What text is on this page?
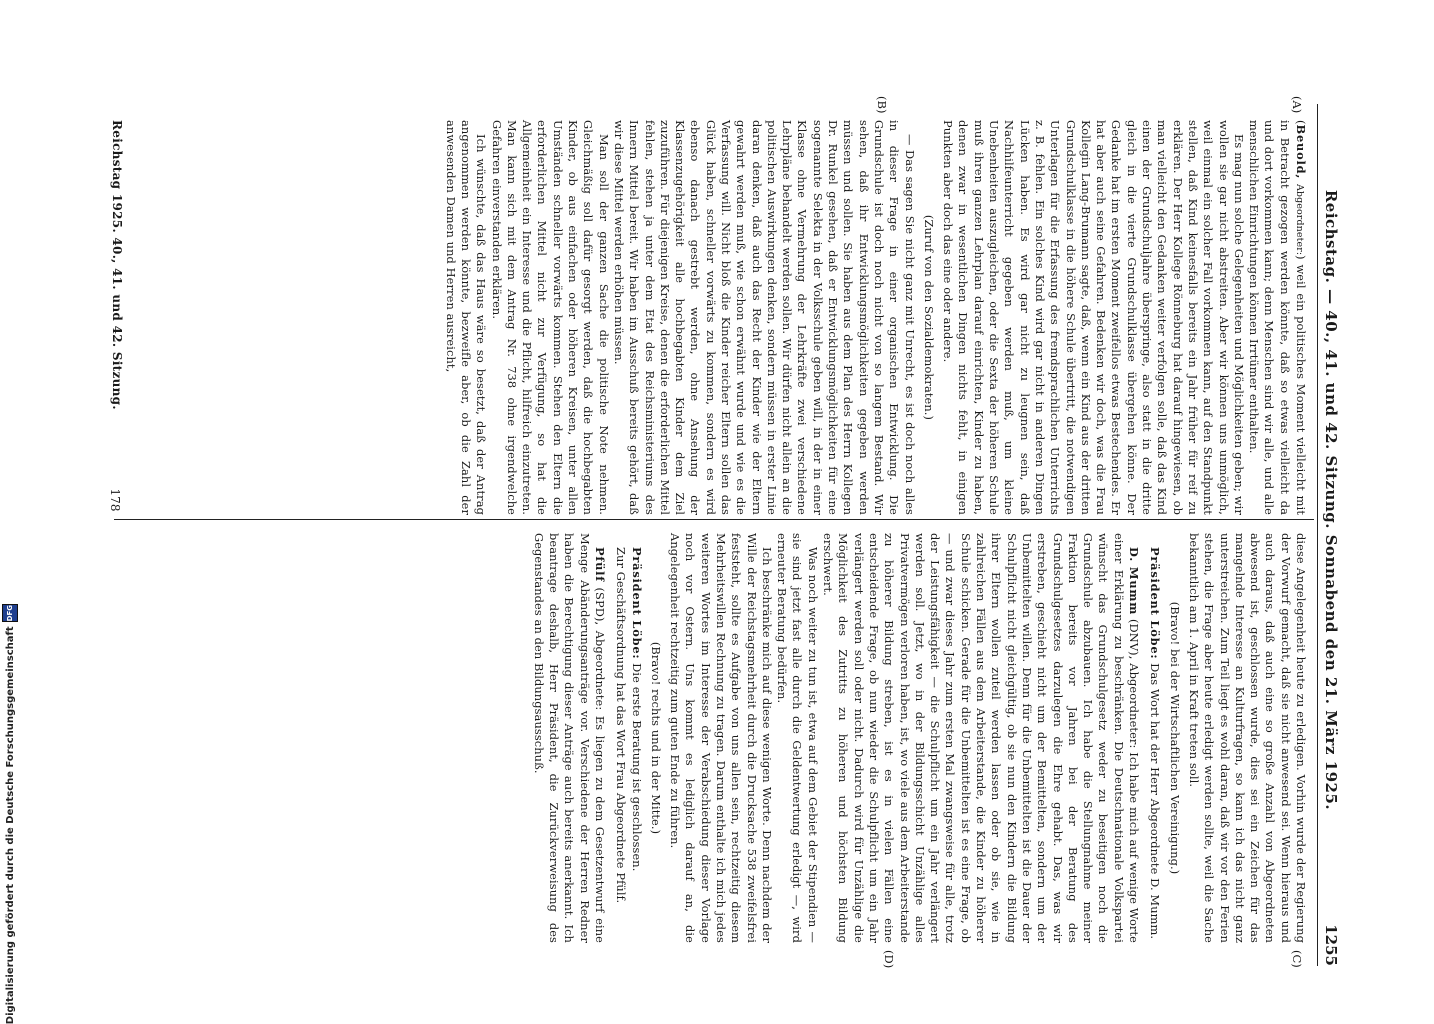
Reichstag. — 40., 41. und 42. Sitzung. Sonnabend den 21. März 1925.
1255
(A)
(B)
(C)
(D)

(Beuold, Abgeordneter:) weil ein politisches Moment vielleicht mit in Betracht gezogen werden könnte, daß so etwas vielleicht da und dort vorkommen kann; denn Menschen sind wir alle, und alle menschlichen Einrichtungen können Irrtümer enthalten.

Es mag nun solche Gelegenheiten und Möglichkeiten geben; wir wollen sie gar nicht abstreiten. Aber wir können uns unmöglich, weil einmal ein solcher Fall vorkommen kann, auf den Standpunkt stellen, daß Kind keinesfalls bereits ein Jahr früher für reif zu erklären. Der Herr Kollege Rönneburg hat darauf hingewiesen, ob man vielleicht den Gedanken weiter verfolgen solle, daß das Kind einen der Grundschuljahre überspringe, also statt in die dritte gleich in die vierte Grundschulklasse übergehen könne. Der Gedanke hat im ersten Moment zweifellos etwas Bestechendes. Er hat aber auch seine Gefahren. Bedenken wir doch, was die Frau Kollegin Lang-Brumann sagte, daß, wenn ein Kind aus der dritten Grundschulklasse in die höhere Schule übertritt, die notwendigen Unterlagen für die Erfassung des fremdsprachlichen Unterrichts z. B. fehlen. Ein solches Kind wird gar nicht in anderen Dingen Lücken haben. Es wird gar nicht zu leugnen sein, daß Nachhilfeunterricht gegeben werden muß, um kleine Unebenheiten auszugleichen, oder die Sexta der höheren Schule muß ihren ganzen Lehrplan darauf einrichten, Kinder zu haben, denen zwar in wesentlichen Dingen nichts fehlt, in einigen Punkten aber doch das eine oder andere.

(Zuruf von den Sozialdemokraten.)

— Das sagen Sie nicht ganz mit Unrecht, es ist doch noch alles in dieser Frage in einer organischen Entwicklung. Die Grundschule ist doch noch nicht von so langem Bestand. Wir sehen, daß ihr Entwicklungsmöglichkeiten gegeben werden müssen und sollen. Sie haben aus dem Plan des Herrn Kollegen Dr. Runkel gesehen, daß er Entwicklungsmöglichkeiten für eine sogenannte Selekta in der Volksschule geben will, in der in einer Klasse ohne Vermehrung der Lehrkräfte zwei verschiedene Lehrpläne behandelt werden sollen. Wir dürfen nicht allein an die politischen Auswirkungen denken, sondern müssen in erster Linie daran denken, daß auch das Recht der Kinder wie der Eltern gewahrt werden muß, wie schon erwähnt wurde und wie es die Verfassung will. Nicht bloß die Kinder reicher Eltern sollen das Glück haben, schneller vorwärts zu kommen, sondern es wird ebenso danach gestrebt werden, ohne Ansehung der Klassenzugehörigkeit alle hochbegabten Kinder dem Ziel zuzuführen. Für diejenigen Kreise, denen die erforderlichen Mittel fehlen, stehen ja unter dem Etat des Reichsministeriums des Innern Mittel bereit. Wir haben im Ausschuß bereits gehört, daß wir diese Mittel werden erhöhen müssen.

Man soll der ganzen Sache die politische Note nehmen. Gleichmäßig soll dafür gesorgt werden, daß die hochbegabten Kinder, ob aus einfachen oder höheren Kreisen, unter allen Umständen schneller vorwärts kommen. Stehen den Eltern die erforderlichen Mittel nicht zur Verfügung, so hat die Allgemeinheit ein Interesse und die Pflicht, hilfreich einzutreten. Man kann sich mit dem Antrag Nr. 738 ohne irgendwelche Gefahren einverstanden erklären.

Ich wünschte, daß das Haus wäre so besetzt, daß der Antrag angenommen werden könnte, bezweifle aber, ob die Zahl der anwesenden Damen und Herren ausreicht,

diese Angelegenheit heute zu erledigen. Vorhin wurde der Regierung der Vorwurf gemacht, daß sie nicht anwesend sei. Wenn hieraus und auch daraus, daß auch eine so große Anzahl von Abgeordneten abwesend ist, geschlossen wurde, dies sei ein Zeichen für das mangelnde Interesse an Kulturfragen, so kann ich das nicht ganz unterstreichen. Zum Teil liegt es wohl daran, daß wir vor den Ferien stehen, die Frage aber heute erledigt werden sollte, weil die Sache bekanntlich am 1. April in Kraft treten soll.

(Bravo! bei der Wirtschaftlichen Vereinigung.)

Präsident Löbe: Das Wort hat der Herr Abgeordnete D. Mumm.

D. Mumm (DNV), Abgeordneter: Ich habe mich auf wenige Worte einer Erklärung zu beschränken. Die Deutschnationale Volkspartei wünscht das Grundschulgesetz weder zu beseitigen noch die Grundschule abzubauen. Ich habe die Stellungnahme meiner Fraktion bereits vor Jahren bei der Beratung des Grundschulgesetzes darzulegen die Ehre gehabt. Das, was wir erstreben, geschieht nicht um der Bemittelten, sondern um der Unbemittelten willen. Denn für die Unbemittelten ist die Dauer der Schulpflicht nicht gleichgültig, ob sie nun den Kindern die Bildung ihrer Eltern wollen zuteil werden lassen oder ob sie, wie in zahlreichen Fällen aus dem Arbeiterstande, die Kinder zu höherer Schule schicken. Gerade für die Unbemittelten ist es eine Frage, ob — und zwar dieses Jahr zum ersten Mal zwangsweise für alle, trotz der Leistungsfähigkeit — die Schulpflicht um ein Jahr verlängert werden soll. Jetzt, wo in der Bildungsschicht Unzählige alles Privatvermögen verloren haben, ist, wo viele aus dem Arbeiterstande zu höherer Bildung streben, ist es in vielen Fällen eine entscheidende Frage, ob nun wieder die Schulpflicht um ein Jahr verlängert werden soll oder nicht. Dadurch wird für Unzählige die Möglichkeit des Zutritts zu höheren und höchsten Bildung erschwert.

Was noch weiter zu tun ist, etwa auf dem Gebiet der Stipendien — sie sind jetzt fast alle durch die Geldentwertung erledigt —, wird erneuter Beratung bedürfen.

Ich beschränke mich auf diese wenigen Worte. Denn nachdem der Wille der Reichstagsmehrheit durch die Drucksache 538 zweifelsfrei feststeht, sollte es Aufgabe von uns allen sein, rechtzeitig diesem Mehrheitswillen Rechnung zu tragen. Darum enthalte ich mich jedes weiteren Wortes im Interesse der Verabschiedung dieser Vorlage noch vor Ostern. Uns kommt es lediglich darauf an, die Angelegenheit rechtzeitig zum guten Ende zu führen.

(Bravo! rechts und in der Mitte.)

Präsident Löbe: Die erste Beratung ist geschlossen.

Zur Geschäftsordnung hat das Wort Frau Abgeordnete Pfülf.

Pfülf (SPD), Abgeordnete: Es liegen zu dem Gesetzentwurf eine Menge Abänderungsanträge vor. Verschiedene der Herren Redner haben die Berechtigung dieser Anträge auch bereits anerkannt. Ich beantrage deshalb, Herr Präsident, die Zurückverweisung des Gegenstandes an den Bildungsausschuß.

Reichstag 1925. 40., 41. und 42. Sitzung.
178
Digitalisierung gefördert durch die Deutsche Forschungsgemeinschaft
DFG
